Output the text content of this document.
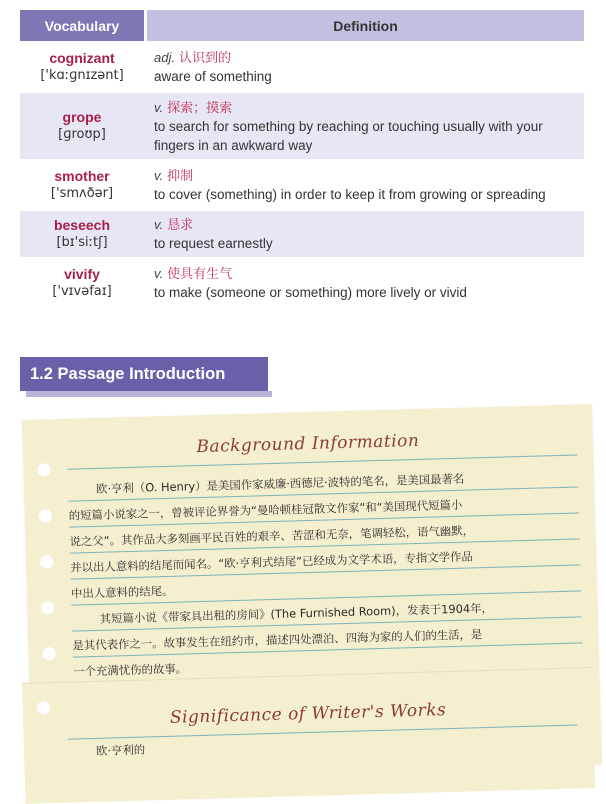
Vocabulary	Definition
cognizant
['kɑːɡnɪzənt]
adj. 认识到的
aware of something
grope
[ɡroʊp]
v. 探索；摸索
to search for something by reaching or touching usually with your
fingers in an awkward way
smother
['smʌðər]
v. 抑制
to cover (something) in order to keep it from growing or spreading
beseech
[bɪ'siːtʃ]
v. 恳求
to request earnestly
vivify
['vɪvəfaɪ]
v. 使具有生气
to make (someone or something) more lively or vivid
1.2 Passage Introduction
Background Information
欧·亨利（O. Henry）是美国作家威廉·西德尼·波特的笔名，是美国最著名
的短篇小说家之一，曾被评论界誉为“曼哈顿桂冠散文作家”和“美国现代短篇小
说之父”。其作品大多刻画平民百姓的艰辛、苦涩和无奈，笔调轻松，语气幽默，
并以出人意料的结尾而闻名。“欧·亨利式结尾”已经成为文学术语，专指文学作品
中出人意料的结尾。
其短篇小说《带家具出租的房间》(The Furnished Room)，发表于1904年，
是其代表作之一。故事发生在纽约市，描述四处漂泊、四海为家的人们的生活，是
一个充满忧伤的故事。
Significance of Writer's Works
欧·亨利的
